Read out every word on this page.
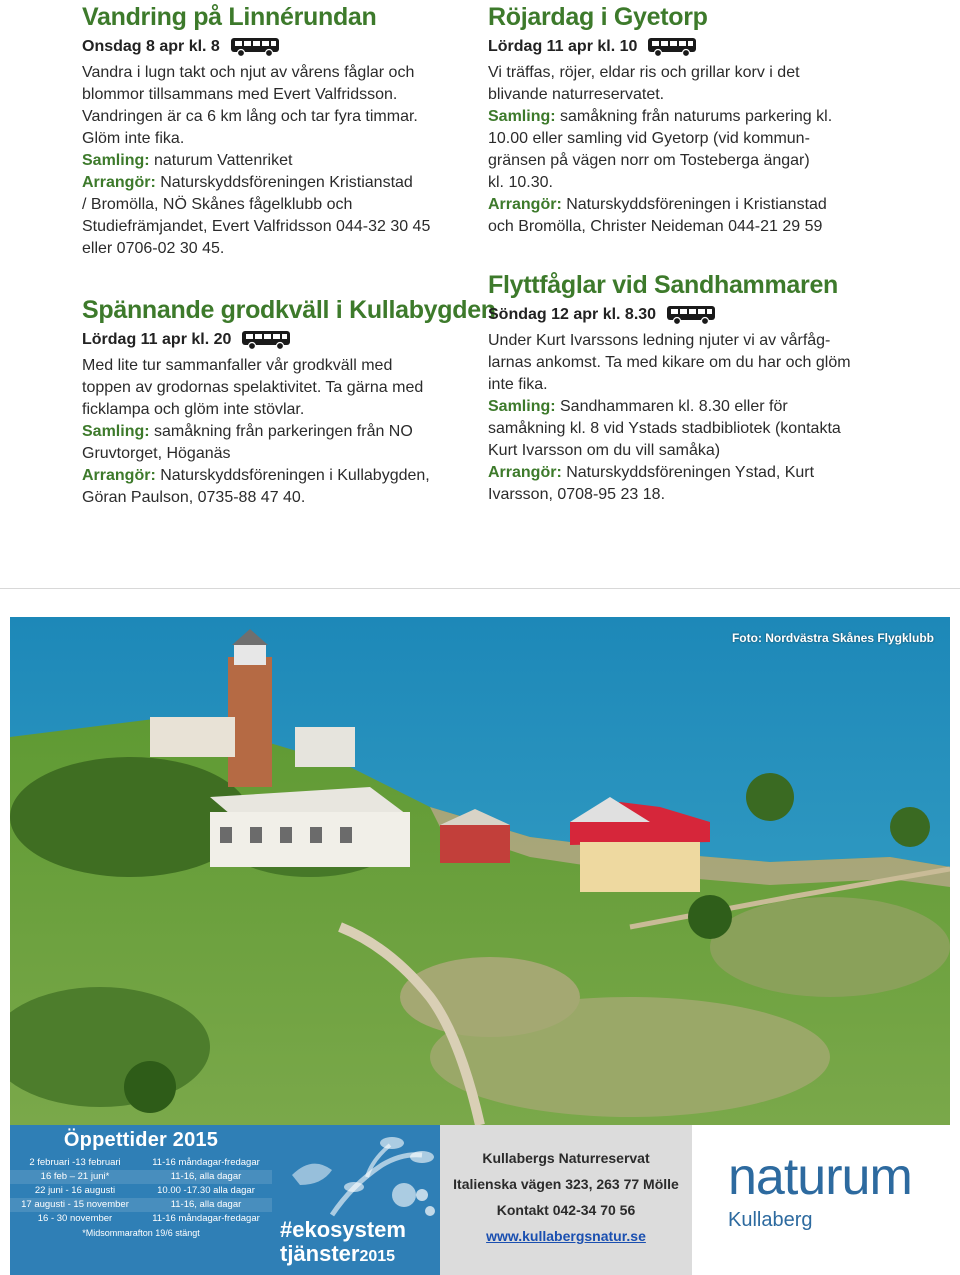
Vandring på Linnérundan
Onsdag 8 apr kl. 8

Vandra i lugn takt och njut av vårens fåglar och

blommor tillsammans med Evert Valfridsson.

Vandringen är ca 6 km lång och tar fyra timmar.

Glöm inte fika.

Samling: naturum Vattenriket

Arrangör: Naturskyddsföreningen Kristianstad

/ Bromölla, NÖ Skånes fågelklubb och

Studiefrämjandet, Evert Valfridsson 044-32 30 45

eller 0706-02 30 45.

Spännande grodkväll i Kullabygden
Lördag 11 apr kl. 20

Med lite tur sammanfaller vår grodkväll med

toppen av grodornas spelaktivitet. Ta gärna med

ficklampa och glöm inte stövlar.

Samling: samåkning från parkeringen från NO

Gruvtorget, Höganäs

Arrangör: Naturskyddsföreningen i Kullabygden,

Göran Paulson, 0735-88 47 40.

Röjardag i Gyetorp
Lördag 11 apr kl. 10

Vi träffas, röjer, eldar ris och grillar korv i det

blivande naturreservatet.

Samling: samåkning från naturums parkering kl.

10.00 eller samling vid Gyetorp (vid kommun-

gränsen på vägen norr om Tosteberga ängar)

kl. 10.30.

Arrangör: Naturskyddsföreningen i Kristianstad

och Bromölla, Christer Neideman 044-21 29 59

Flyttfåglar vid Sandhammaren
Söndag 12 apr kl. 8.30

Under Kurt Ivarssons ledning njuter vi av vårfåg-

larnas ankomst. Ta med kikare om du har och glöm

inte fika.

Samling: Sandhammaren kl. 8.30 eller för

samåkning kl. 8 vid Ystads stadbibliotek (kontakta

Kurt Ivarsson om du vill samåka)

Arrangör: Naturskyddsföreningen Ystad, Kurt

Ivarsson, 0708-95 23 18.

Foto: Nordvästra Skånes Flygklubb
Öppettider 2015
2 februari -13 februari	11-16 måndagar-fredagar
16 feb – 21 juni*	11-16, alla dagar
22 juni - 16 augusti	10.00 -17.30 alla dagar
17 augusti - 15 november	11-16, alla dagar
16 - 30 november	11-16 måndagar-fredagar
*Midsommarafton 19/6 stängt	#ekosystem
tjänster2015
Kullabergs Naturreservat
Italienska vägen 323, 263 77 Mölle
Kontakt 042-34 70 56
www.kullabergsnatur.se
naturum
Kullaberg
